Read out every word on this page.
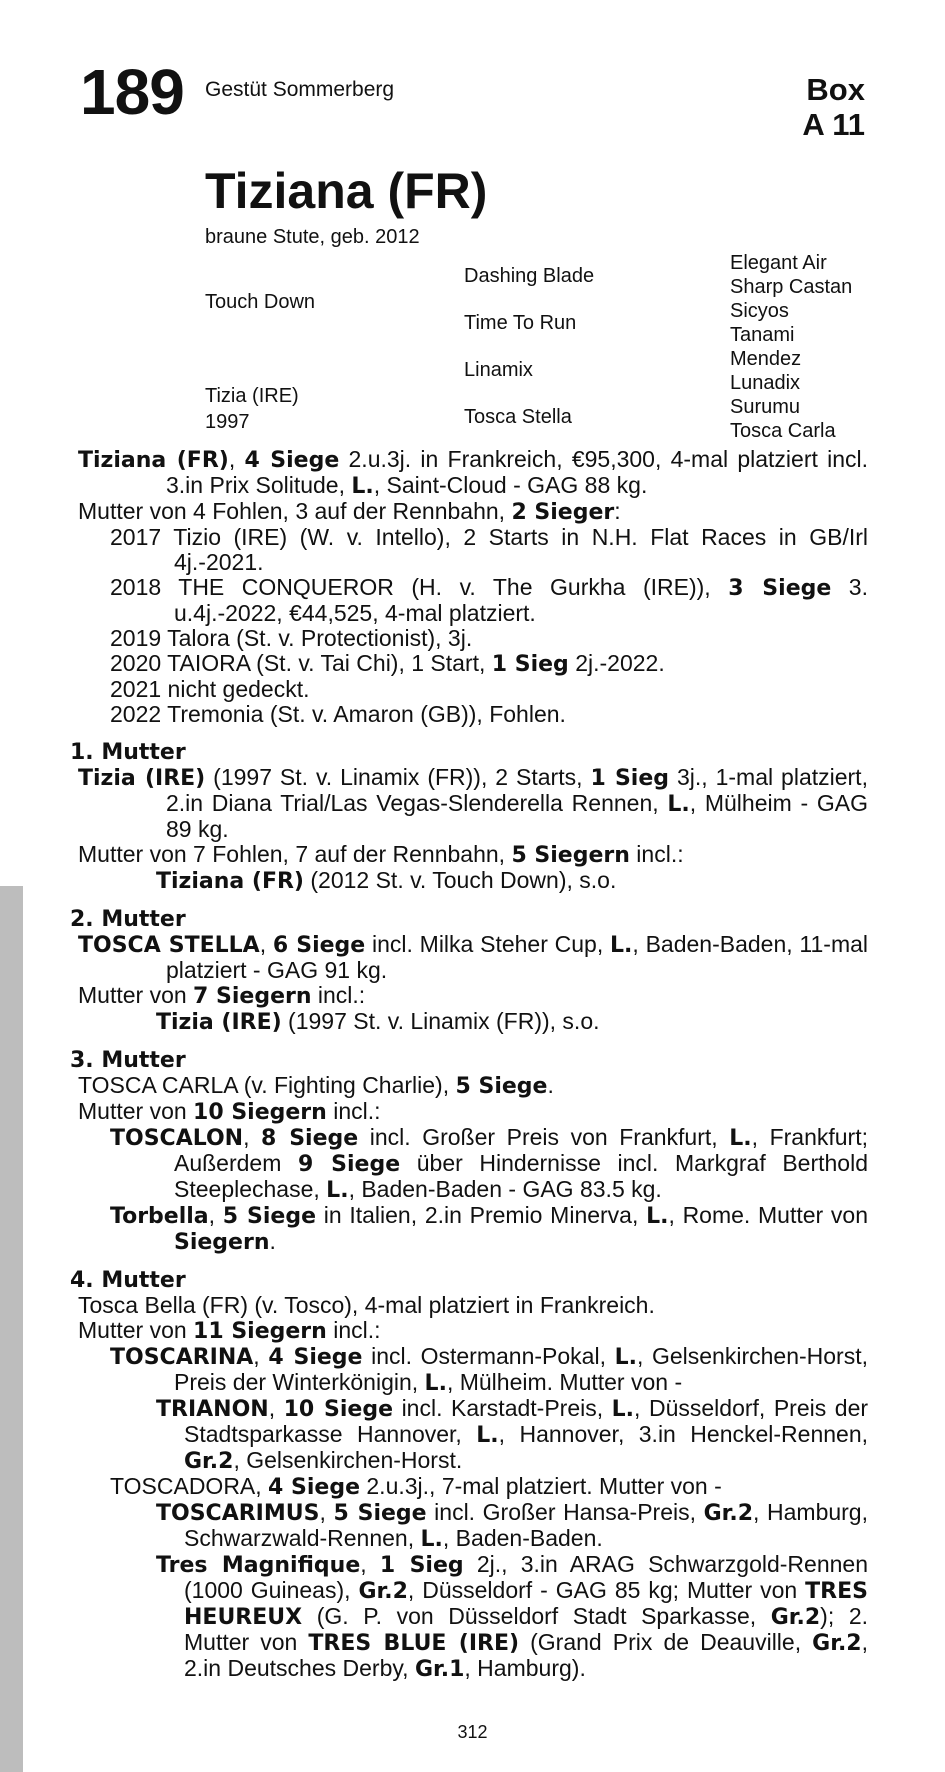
189 Gestüt Sommerberg	Box
A 11
Tiziana (FR)
braune Stute, geb. 2012
Touch Down
Tizia (IRE)
1997
Dashing Blade
Time To Run
Linamix
Tosca Stella
Elegant Air
Sharp Castan
Sicyos
Tanami
Mendez
Lunadix
Surumu
Tosca Carla

Tiziana (FR), 4 Siege 2.u.3j. in Frankreich, €95,300, 4-mal platziert incl. 3.in Prix Solitude, L., Saint-Cloud - GAG 88 kg.

Mutter von 4 Fohlen, 3 auf der Rennbahn, 2 Sieger:

2017 Tizio (IRE) (W. v. Intello), 2 Starts in N.H. Flat Races in GB/Irl 4j.-2021.

2018 THE CONQUEROR (H. v. The Gurkha (IRE)), 3 Siege 3. u.4j.-2022, €44,525, 4-mal platziert.

2019 Talora (St. v. Protectionist), 3j.

2020 TAIORA (St. v. Tai Chi), 1 Start, 1 Sieg 2j.-2022.

2021 nicht gedeckt.

2022 Tremonia (St. v. Amaron (GB)), Fohlen.

1. Mutter

Tizia (IRE) (1997 St. v. Linamix (FR)), 2 Starts, 1 Sieg 3j., 1-mal platziert, 2.in Diana Trial/Las Vegas-Slenderella Rennen, L., Mülheim - GAG 89 kg.

Mutter von 7 Fohlen, 7 auf der Rennbahn, 5 Siegern incl.:

Tiziana (FR) (2012 St. v. Touch Down), s.o.

2. Mutter

TOSCA STELLA, 6 Siege incl. Milka Steher Cup, L., Baden-Baden, 11-mal platziert - GAG 91 kg.

Mutter von 7 Siegern incl.:

Tizia (IRE) (1997 St. v. Linamix (FR)), s.o.

3. Mutter

TOSCA CARLA (v. Fighting Charlie), 5 Siege.

Mutter von 10 Siegern incl.:

TOSCALON, 8 Siege incl. Großer Preis von Frankfurt, L., Frankfurt; Außerdem 9 Siege über Hindernisse incl. Markgraf Berthold Steeplechase, L., Baden-Baden - GAG 83.5 kg.

Torbella, 5 Siege in Italien, 2.in Premio Minerva, L., Rome. Mutter von Siegern.

4. Mutter

Tosca Bella (FR) (v. Tosco), 4-mal platziert in Frankreich.

Mutter von 11 Siegern incl.:

TOSCARINA, 4 Siege incl. Ostermann-Pokal, L., Gelsenkirchen-Horst, Preis der Winterkönigin, L., Mülheim. Mutter von -

TRIANON, 10 Siege incl. Karstadt-Preis, L., Düsseldorf, Preis der Stadtsparkasse Hannover, L., Hannover, 3.in Henckel-Rennen, Gr.2, Gelsenkirchen-Horst.

TOSCADORA, 4 Siege 2.u.3j., 7-mal platziert. Mutter von -

TOSCARIMUS, 5 Siege incl. Großer Hansa-Preis, Gr.2, Hamburg, Schwarzwald-Rennen, L., Baden-Baden.

Tres Magnifique, 1 Sieg 2j., 3.in ARAG Schwarzgold-Rennen (1000 Guineas), Gr.2, Düsseldorf - GAG 85 kg; Mutter von TRES HEUREUX (G. P. von Düsseldorf Stadt Sparkasse, Gr.2); 2. Mutter von TRES BLUE (IRE) (Grand Prix de Deauville, Gr.2, 2.in Deutsches Derby, Gr.1, Hamburg).

312
